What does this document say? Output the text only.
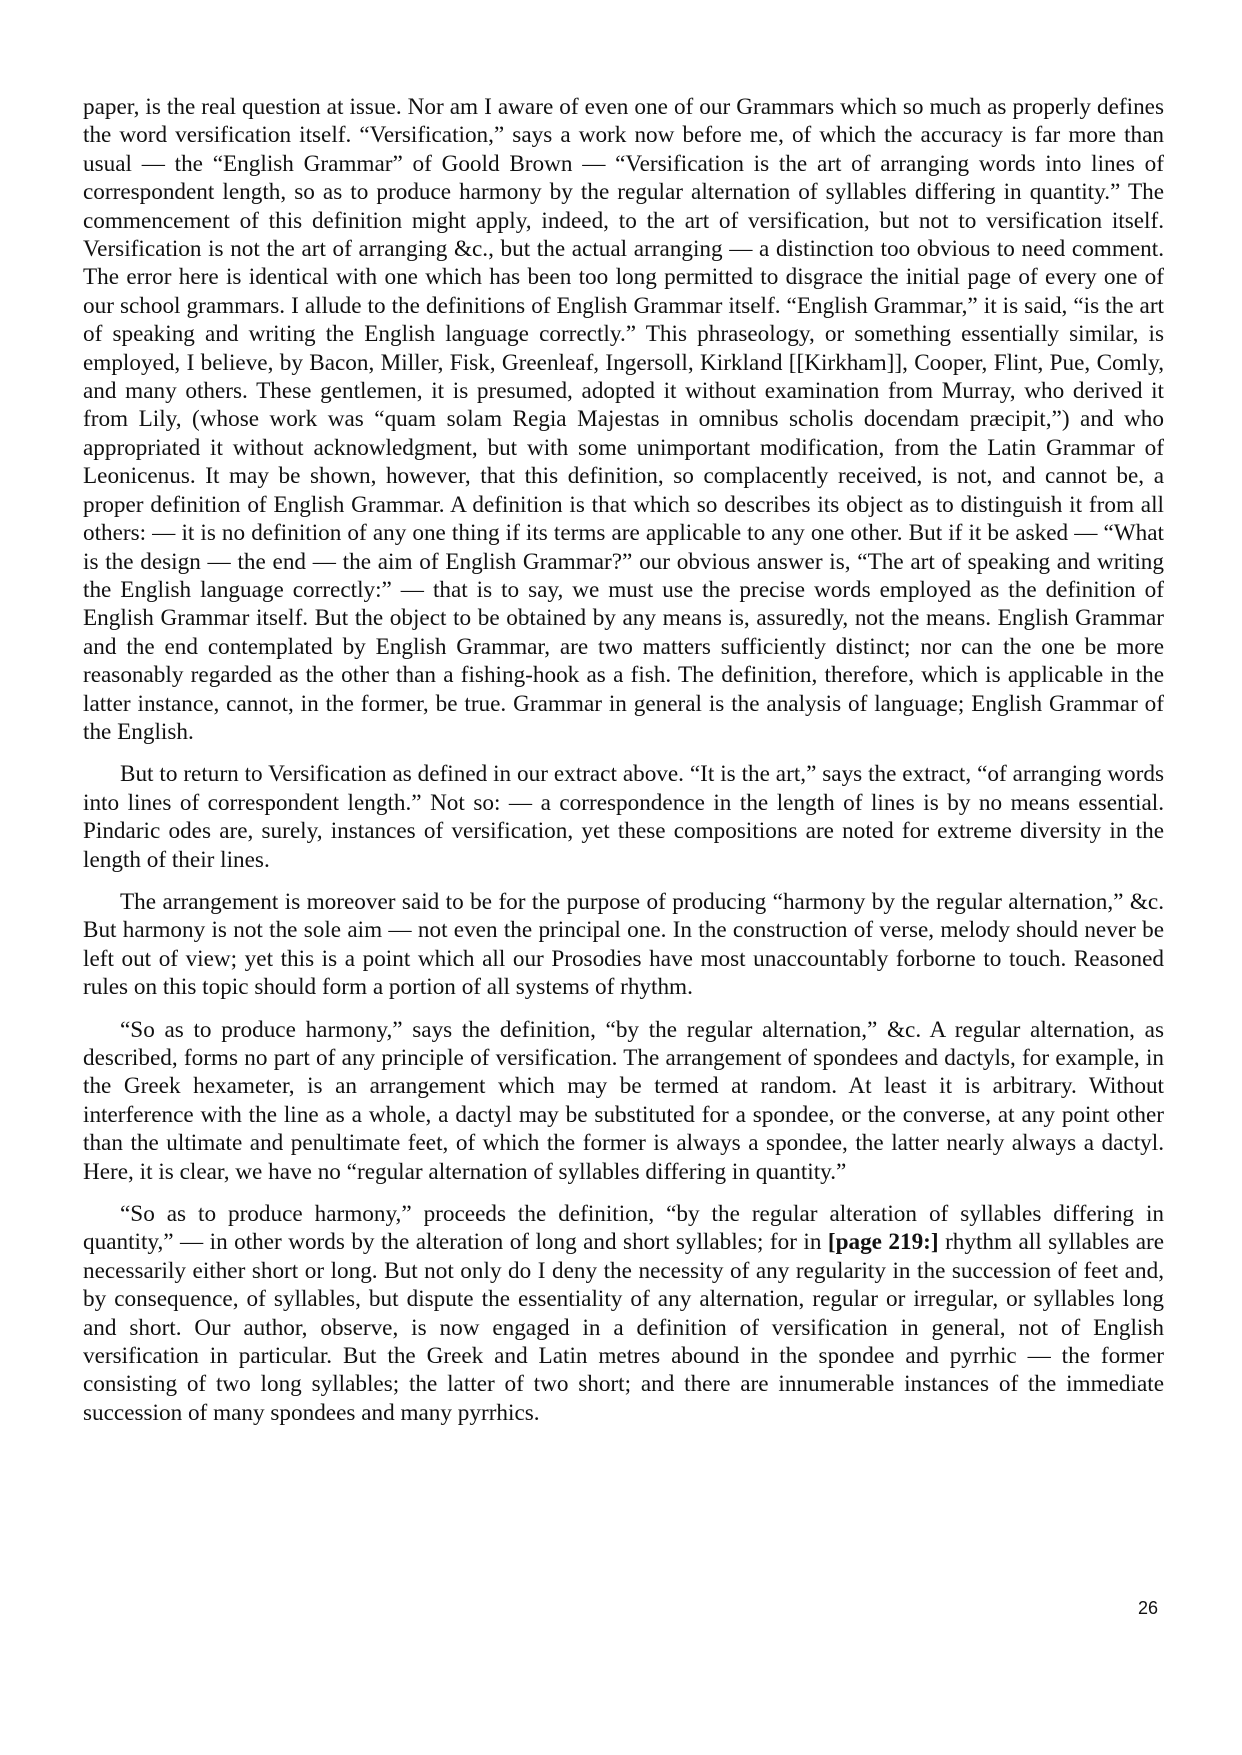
paper, is the real question at issue. Nor am I aware of even one of our Grammars which so much as properly defines the word versification itself. “Versification,” says a work now before me, of which the accuracy is far more than usual — the “English Grammar” of Goold Brown — “Versification is the art of arranging words into lines of correspondent length, so as to produce harmony by the regular alternation of syllables differing in quantity.” The commencement of this definition might apply, indeed, to the art of versification, but not to versification itself. Versification is not the art of arranging &c., but the actual arranging — a distinction too obvious to need comment. The error here is identical with one which has been too long permitted to disgrace the initial page of every one of our school grammars. I allude to the definitions of English Grammar itself. “English Grammar,” it is said, “is the art of speaking and writing the English language correctly.” This phraseology, or something essentially similar, is employed, I believe, by Bacon, Miller, Fisk, Greenleaf, Ingersoll, Kirkland [[Kirkham]], Cooper, Flint, Pue, Comly, and many others. These gentlemen, it is presumed, adopted it without examination from Murray, who derived it from Lily, (whose work was “quam solam Regia Majestas in omnibus scholis docendam præcipit,”) and who appropriated it without acknowledgment, but with some unimportant modification, from the Latin Grammar of Leonicenus. It may be shown, however, that this definition, so complacently received, is not, and cannot be, a proper definition of English Grammar. A definition is that which so describes its object as to distinguish it from all others: — it is no definition of any one thing if its terms are applicable to any one other. But if it be asked — “What is the design — the end — the aim of English Grammar?” our obvious answer is, “The art of speaking and writing the English language correctly:” — that is to say, we must use the precise words employed as the definition of English Grammar itself. But the object to be obtained by any means is, assuredly, not the means. English Grammar and the end contemplated by English Grammar, are two matters sufficiently distinct; nor can the one be more reasonably regarded as the other than a fishing-hook as a fish. The definition, therefore, which is applicable in the latter instance, cannot, in the former, be true. Grammar in general is the analysis of language; English Grammar of the English.

But to return to Versification as defined in our extract above. “It is the art,” says the extract, “of arranging words into lines of correspondent length.” Not so: — a correspondence in the length of lines is by no means essential. Pindaric odes are, surely, instances of versification, yet these compositions are noted for extreme diversity in the length of their lines.

The arrangement is moreover said to be for the purpose of producing “harmony by the regular alternation,” &c. But harmony is not the sole aim — not even the principal one. In the construction of verse, melody should never be left out of view; yet this is a point which all our Prosodies have most unaccountably forborne to touch. Reasoned rules on this topic should form a portion of all systems of rhythm.

“So as to produce harmony,” says the definition, “by the regular alternation,” &c. A regular alternation, as described, forms no part of any principle of versification. The arrangement of spondees and dactyls, for example, in the Greek hexameter, is an arrangement which may be termed at random. At least it is arbitrary. Without interference with the line as a whole, a dactyl may be substituted for a spondee, or the converse, at any point other than the ultimate and penultimate feet, of which the former is always a spondee, the latter nearly always a dactyl. Here, it is clear, we have no “regular alternation of syllables differing in quantity.”

“So as to produce harmony,” proceeds the definition, “by the regular alteration of syllables differing in quantity,” — in other words by the alteration of long and short syllables; for in [page 219:] rhythm all syllables are necessarily either short or long. But not only do I deny the necessity of any regularity in the succession of feet and, by consequence, of syllables, but dispute the essentiality of any alternation, regular or irregular, or syllables long and short. Our author, observe, is now engaged in a definition of versification in general, not of English versification in particular. But the Greek and Latin metres abound in the spondee and pyrrhic — the former consisting of two long syllables; the latter of two short; and there are innumerable instances of the immediate succession of many spondees and many pyrrhics.

26
